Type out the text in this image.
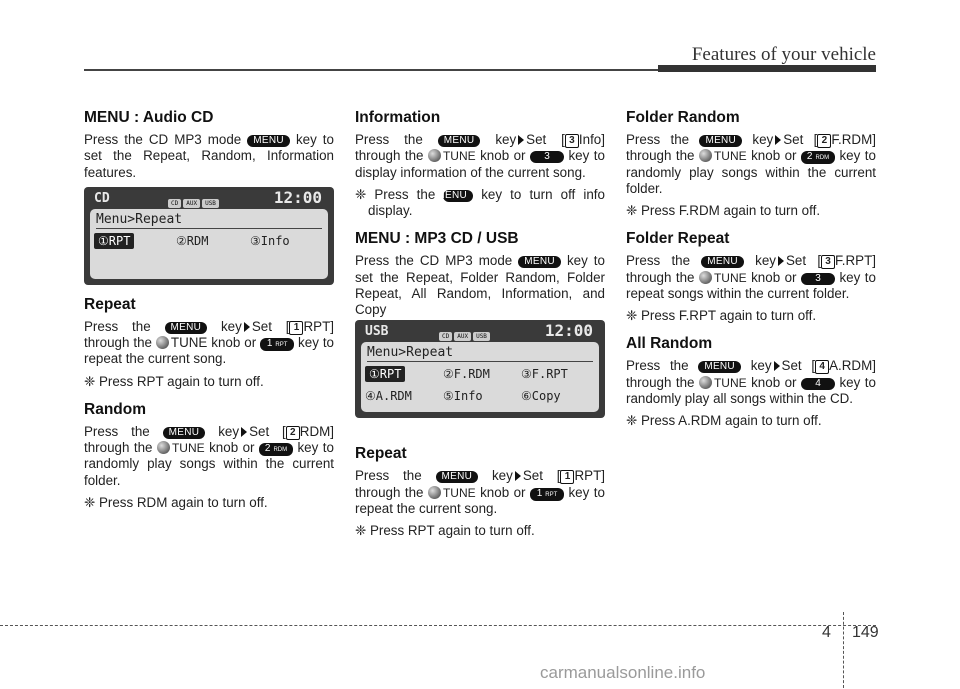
Features of your vehicle
MENU : Audio CD

Press the CD MP3 mode MENU key to set the Repeat, Random, Information features.

CD	CD AUX USB	12:00
Menu>Repeat
①RPT	②RDM	③Info
Repeat

Press the MENU key Set [ 1 RPT] through the TUNE knob or 1 RPT key to repeat the current song.

❈ Press RPT again to turn off.

Random

Press the MENU key Set [ 2 RDM] through the TUNE knob or 2 RDM key to randomly play songs within the current folder.

❈ Press RDM again to turn off.

Information

Press the MENU key Set [ 3 Info] through the TUNE knob or 3 key to display information of the current song.

❈ Press the MENU key to turn off info display.

MENU : MP3 CD / USB

Press the CD MP3 mode MENU key to set the Repeat, Folder Random, Folder Repeat, All Random, Information, and Copy

USB	CD AUX USB	12:00
Menu>Repeat
①RPT	②F.RDM	③F.RPT
④A.RDM	⑤Info	⑥Copy
Repeat

Press the MENU key Set [ 1 RPT] through the TUNE knob or 1 RPT key to repeat the current song.

❈ Press RPT again to turn off.

Folder Random

Press the MENU key Set [ 2 F.RDM] through the TUNE knob or 2 RDM key to randomly play songs within the current folder.

❈ Press F.RDM again to turn off.

Folder Repeat

Press the MENU key Set [ 3 F.RPT] through the TUNE knob or 3 key to repeat songs within the current folder.

❈ Press F.RPT again to turn off.

All Random

Press the MENU key Set [ 4 A.RDM] through the TUNE knob or 4 key to randomly play all songs within the CD.

❈ Press A.RDM again to turn off.

4 149
carmanualsonline.info
